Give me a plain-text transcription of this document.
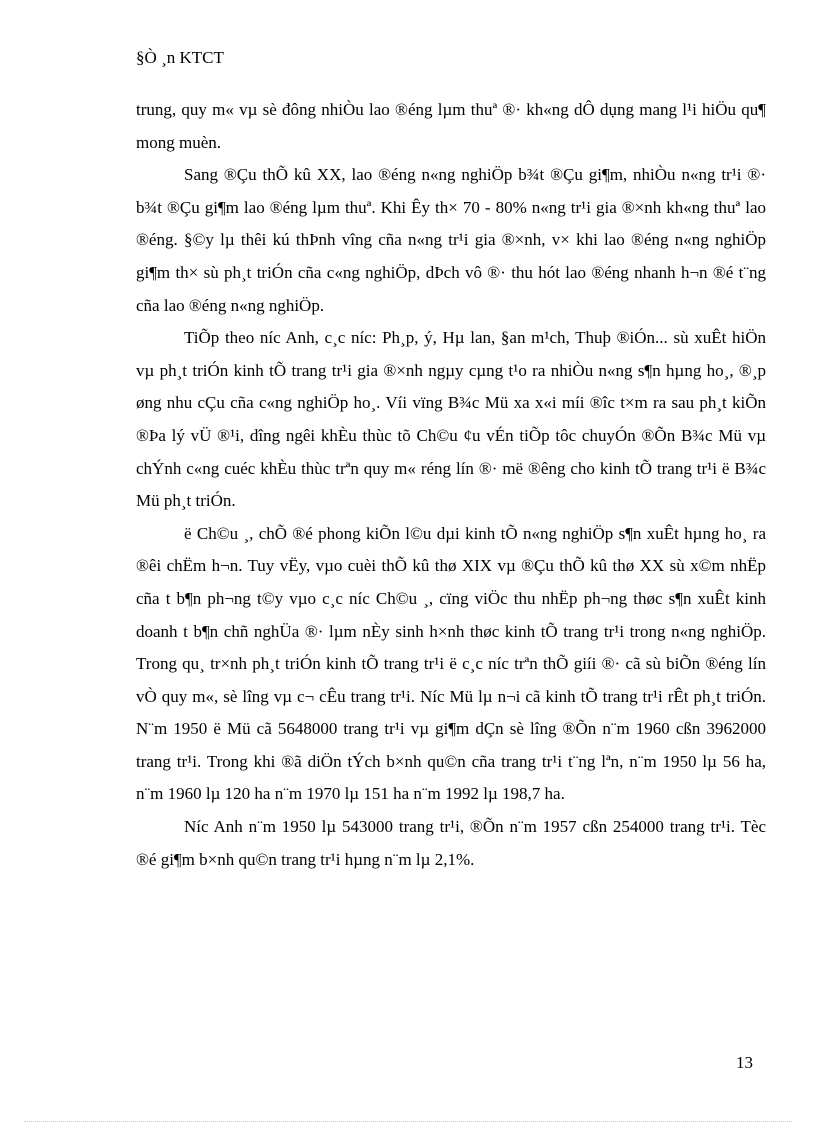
§Ò ¸n KTCT

trung, quy m« vµ sè đông nhiÒu lao ®éng lµm thuª ®· kh«ng dÔ dụng mang l¹i hiÖu qu¶ mong muèn.

Sang ®Çu thÕ kû XX, lao ®éng n«ng nghiÖp b¾t ®Çu gi¶m, nhiÒu n«ng tr¹i ®· b¾t ®Çu gi¶m lao ®éng lµm thuª. Khi Êy th× 70 - 80% n«ng tr¹i gia ®×nh kh«ng thuª lao ®éng. §©y lµ thêi kú thÞnh vîng cña n«ng tr¹i gia ®×nh, v× khi lao ®éng n«ng nghiÖp gi¶m th× sù ph¸t triÓn cña c«ng nghiÖp, dÞch vô ®· thu hót lao ®éng nhanh h¬n ®é t¨ng cña lao ®éng n«ng nghiÖp.

TiÕp theo níc Anh, c¸c níc: Ph¸p, ý, Hµ lan, §an m¹ch, Thuþ ®iÓn... sù xuÊt hiÖn vµ ph¸t triÓn kinh tÕ trang tr¹i gia ®×nh ngµy cµng t¹o ra nhiÒu n«ng s¶n hµng ho¸, ®¸p øng nhu cÇu cña c«ng nghiÖp ho¸. Víi vïng B¾c Mü xa x«i míi ®îc t×m ra sau ph¸t kiÕn ®Þa lý vÜ ®¹i, dîng ngêi khÈu thùc tõ Ch©u ¢u vÉn tiÕp tôc chuyÓn ®Õn B¾c Mü vµ chÝnh c«ng cuéc khÈu thùc trªn quy m« réng lín ®· më ®êng cho kinh tÕ trang tr¹i ë B¾c Mü ph¸t triÓn.

ë Ch©u ¸, chÕ ®é phong kiÕn l©u dµi kinh tÕ n«ng nghiÖp s¶n xuÊt hµng ho¸ ra ®êi chËm h¬n. Tuy vËy, vµo cuèi thÕ kû thø XIX vµ ®Çu thÕ kû thø XX sù x©m nhËp cña t b¶n ph¬ng t©y vµo c¸c níc Ch©u ¸, cïng viÖc thu nhËp ph¬ng thøc s¶n xuÊt kinh doanh t b¶n chñ nghÜa ®· lµm nÈy sinh h×nh thøc kinh tÕ trang tr¹i trong n«ng nghiÖp. Trong qu¸ tr×nh ph¸t triÓn kinh tÕ trang tr¹i ë c¸c níc trªn thÕ giíi ®· cã sù biÕn ®éng lín vÒ quy m«, sè lîng vµ c¬ cÊu trang tr¹i. Níc Mü lµ n¬i cã kinh tÕ trang tr¹i rÊt ph¸t triÓn. N¨m 1950 ë Mü cã 5648000 trang tr¹i vµ gi¶m dÇn sè lîng ®Õn n¨m 1960 cßn 3962000 trang tr¹i. Trong khi ®ã diÖn tÝch b×nh qu©n cña trang tr¹i t¨ng lªn, n¨m 1950 lµ 56 ha, n¨m 1960 lµ 120 ha n¨m 1970 lµ 151 ha n¨m 1992 lµ 198,7 ha.

Níc Anh n¨m 1950 lµ 543000 trang tr¹i, ®Õn n¨m 1957 cßn 254000 trang tr¹i. Tèc ®é gi¶m b×nh qu©n trang tr¹i hµng n¨m lµ 2,1%.

13
